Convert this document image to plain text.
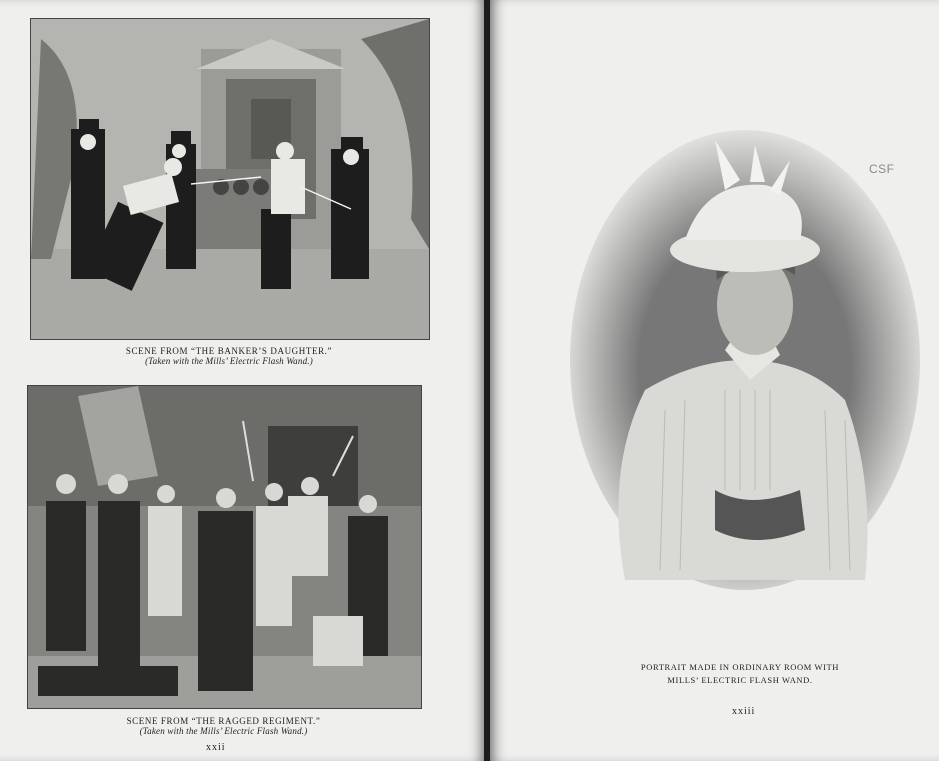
SCENE FROM “THE BANKER’S DAUGHTER.”
(Taken with the Mills’ Electric Flash Wand.)
SCENE FROM “THE RAGGED REGIMENT.”
(Taken with the Mills’ Electric Flash Wand.)
xxii
CSF
PORTRAIT MADE IN ORDINARY ROOM WITH
MILLS’ ELECTRIC FLASH WAND.
xxiii
